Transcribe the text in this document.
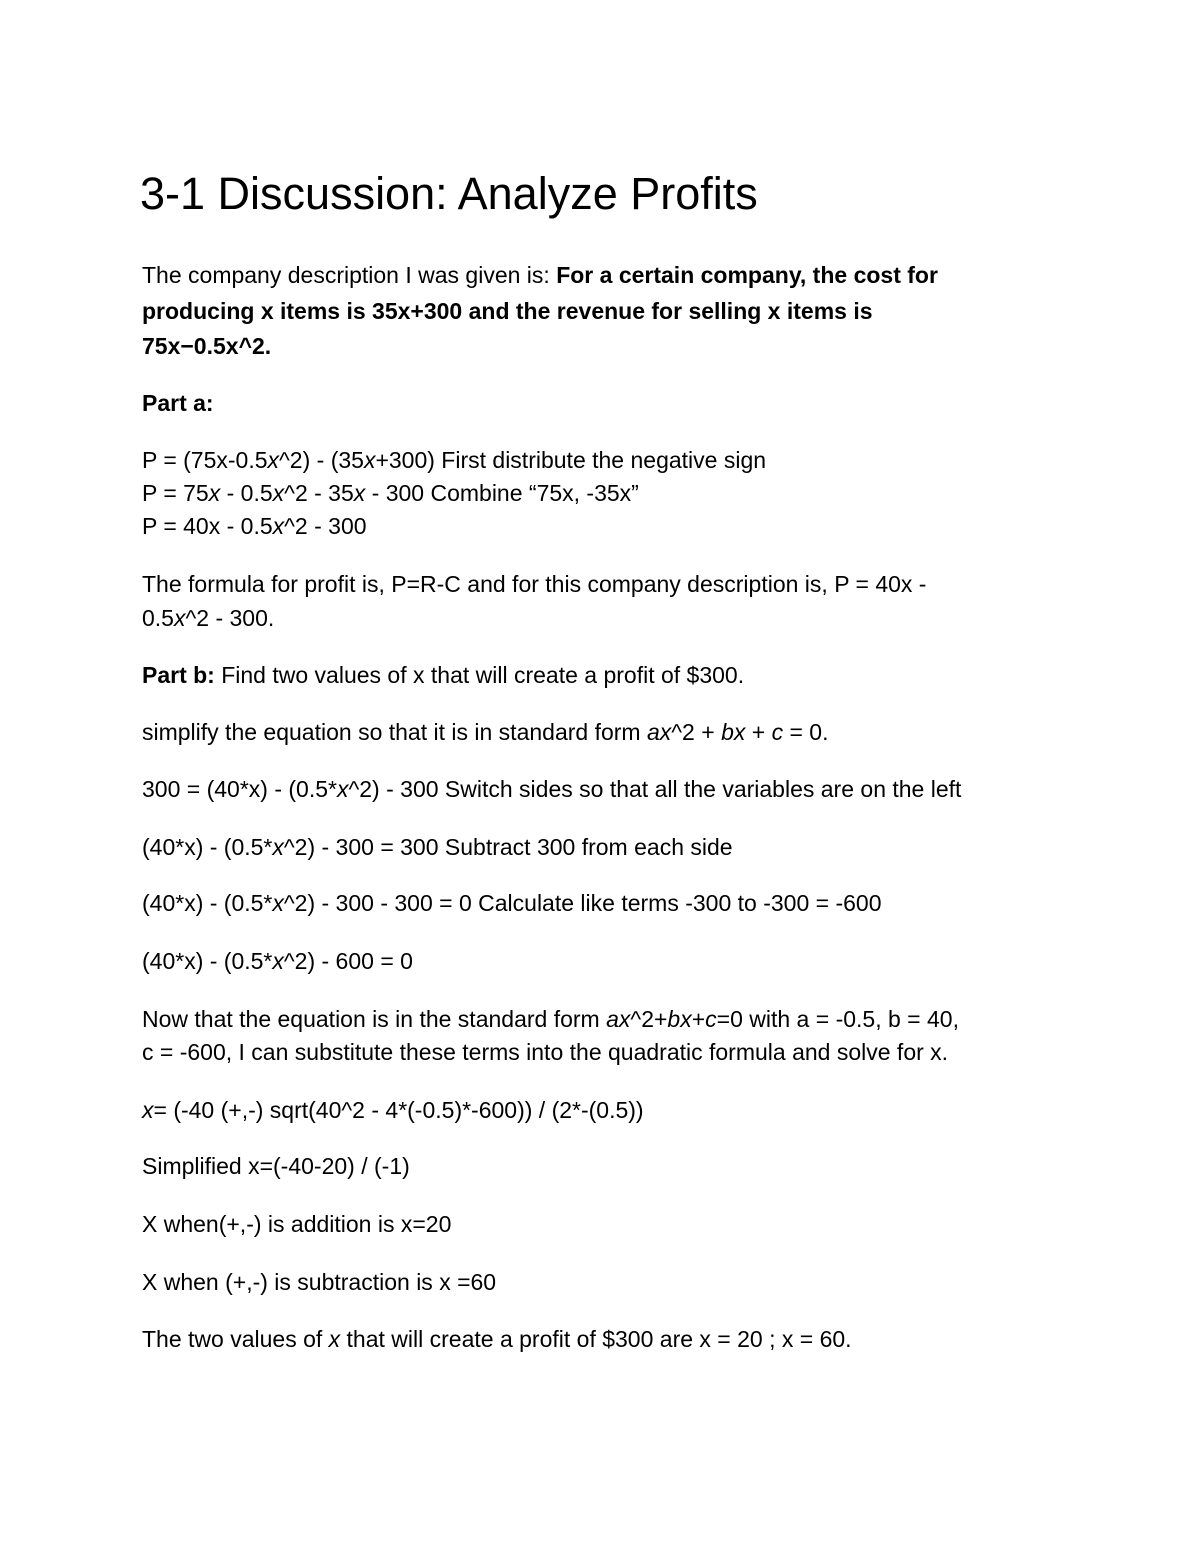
3-1 Discussion: Analyze Profits

The company description I was given is: For a certain company, the cost for

producing x items is 35x+300 and the revenue for selling x items is

75x−0.5x^2.

Part a:

P = (75x-0.5x^2) - (35x+300) First distribute the negative sign

P = 75x - 0.5x^2 - 35x - 300 Combine “75x, -35x”

P = 40x - 0.5x^2 - 300

The formula for profit is, P=R-C and for this company description is, P = 40x -

0.5x^2 - 300.

Part b: Find two values of x that will create a profit of $300.

simplify the equation so that it is in standard form ax^2 + bx + c = 0.

300 = (40*x) - (0.5*x^2) - 300 Switch sides so that all the variables are on the left

(40*x) - (0.5*x^2) - 300 = 300 Subtract 300 from each side

(40*x) - (0.5*x^2) - 300 - 300 = 0 Calculate like terms -300 to -300 = -600

(40*x) - (0.5*x^2) - 600 = 0

Now that the equation is in the standard form ax^2+bx+c=0 with a = -0.5, b = 40,

c = -600, I can substitute these terms into the quadratic formula and solve for x.

x= (-40 (+,-) sqrt(40^2 - 4*(-0.5)*-600)) / (2*-(0.5))

Simplified x=(-40-20) / (-1)

X when(+,-) is addition is x=20

X when (+,-) is subtraction is x =60

The two values of x that will create a profit of $300 are x = 20 ; x = 60.
